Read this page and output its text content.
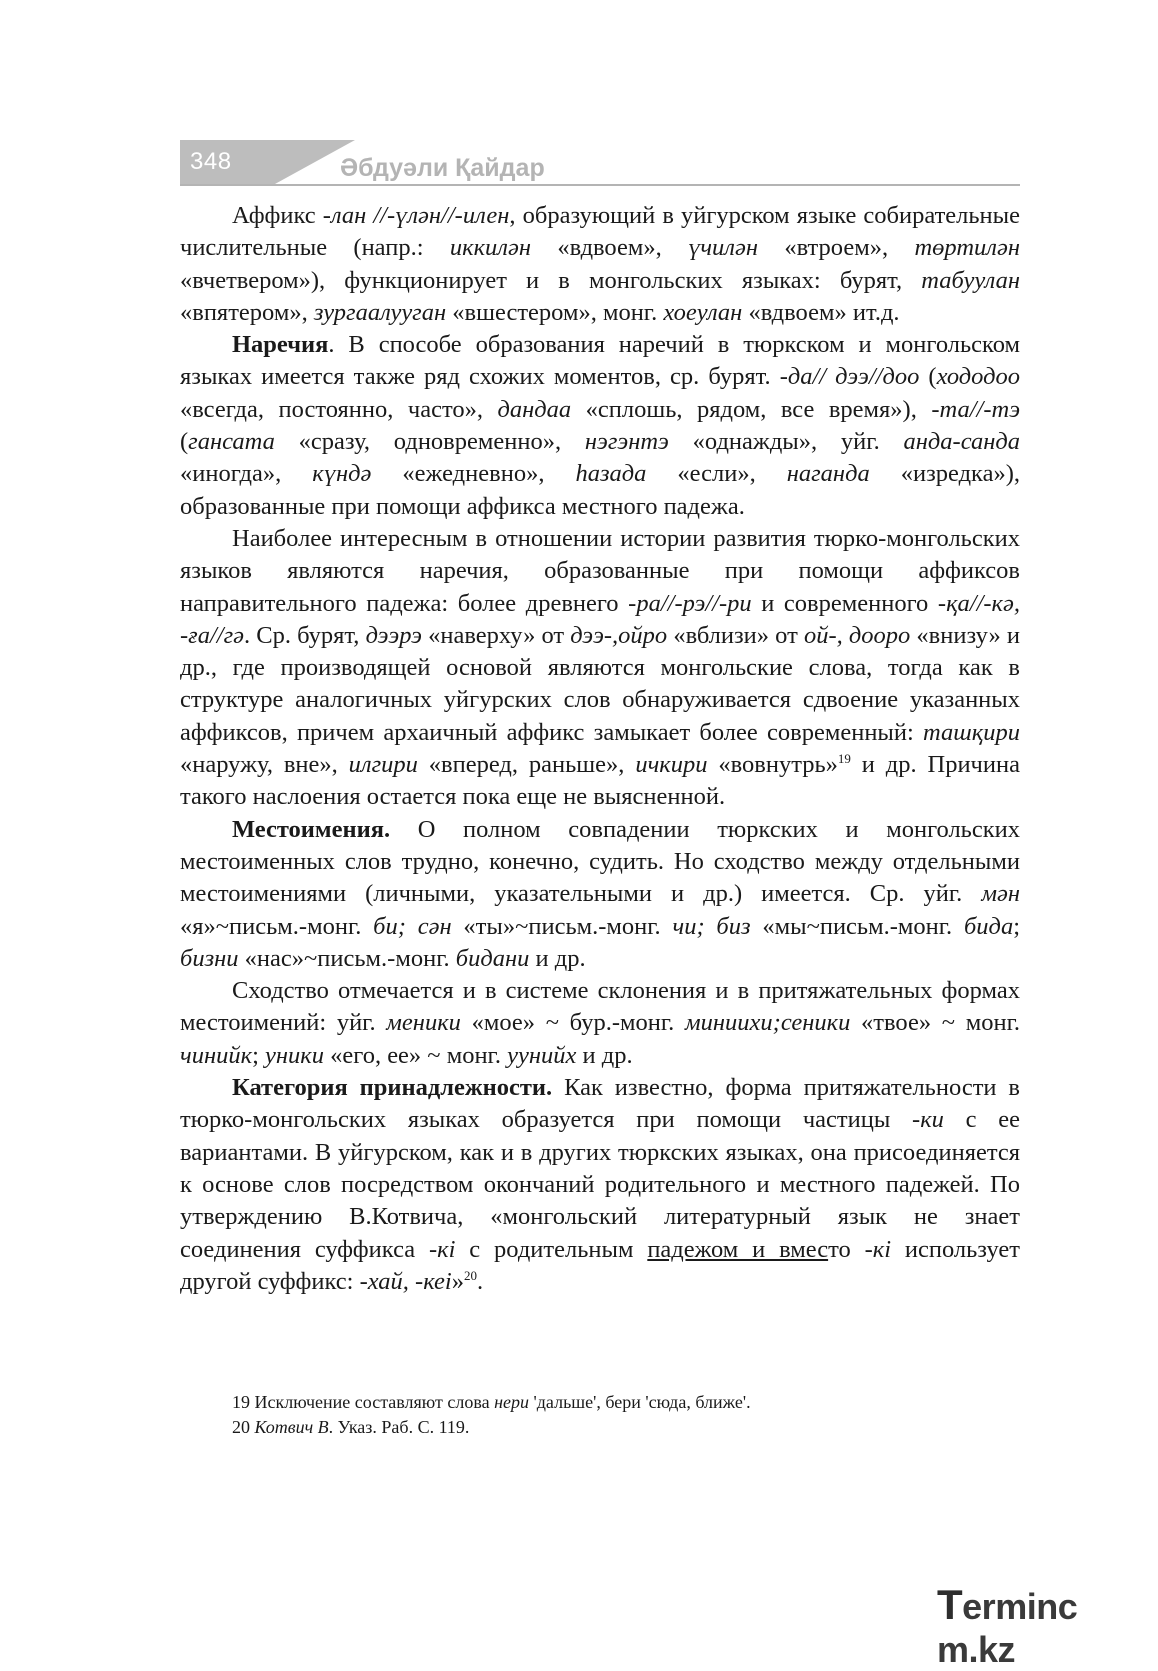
348	Әбдуәли Қайдар

Аффикс -лан //-үлән//-илен, образующий в уйгурском языке собирательные числительные (напр.: иккилән «вдвоем», үчилән «втроем», төртилән «вчетвером»), функционирует и в монгольских языках: бурят, табуулан «впятером», зургаалууган «вшестером», монг. хоеулан «вдвоем» ит.д.

Наречия. В способе образования наречий в тюркском и монгольском языках имеется также ряд схожих моментов, ср. бурят. -да// дээ//доо (хододоо «всегда, постоянно, часто», дандаа «сплошь, рядом, все время»), -та//-тэ (гансата «сразу, одновременно», нэгэнтэ «однажды», уйг. анда-санда «иногда», күндә «ежедневно», һазада «если», наганда «изредка»), образованные при помощи аффикса местного падежа.

Наиболее интересным в отношении истории развития тюрко-монгольских языков являются наречия, образованные при помощи аффиксов направительного падежа: более древнего -ра//-рэ//-ри и современного -қа//-кә, -ға//гә. Ср. бурят, дээрэ «наверху» от дээ-,ойро «вблизи» от ой-, дооро «внизу» и др., где производящей основой являются монгольские слова, тогда как в структуре аналогичных уйгурских слов обнаруживается сдвоение указанных аффиксов, причем архаичный аффикс замыкает более современный: ташқири «наружу, вне», илгири «вперед, раньше», ичкири «вовнутрь»$^{19}$ и др. Причина такого наслоения остается пока еще не выясненной.

Местоимения. О полном совпадении тюркских и монгольских местоименных слов трудно, конечно, судить. Но сходство между отдельными местоимениями (личными, указательными и др.) имеется. Ср. уйг. мән «я»~письм.-монг. би; сән «ты»~письм.-монг. чи; биз «мы~письм.-монг. бида; бизни «нас»~письм.-монг. бидани и др.

Сходство отмечается и в системе склонения и в притяжательных формах местоимений: уйг. меники «мое» ~ бур.-монг. миниихи;сеники «твое» ~ монг. чинийк; уники «его, ее» ~ монг. уунийх и др.

Категория принадлежности. Как известно, форма притяжательности в тюрко-монгольских языках образуется при помощи частицы -ки с ее вариантами. В уйгурском, как и в других тюркских языках, она присоединяется к основе слов посредством окончаний родительного и местного падежей. По утверждению В.Котвича, «монгольский литературный язык не знает соединения суффикса -кі с родительным падежом и вместо -кі использует другой суффикс: -хай, -кеі»$^{20}$.

19 Исключение составляют слова нери 'дальше', бери 'сюда, ближе'.
20 Котвич В. Указ. Раб. С. 119.
Terminc m.kz
